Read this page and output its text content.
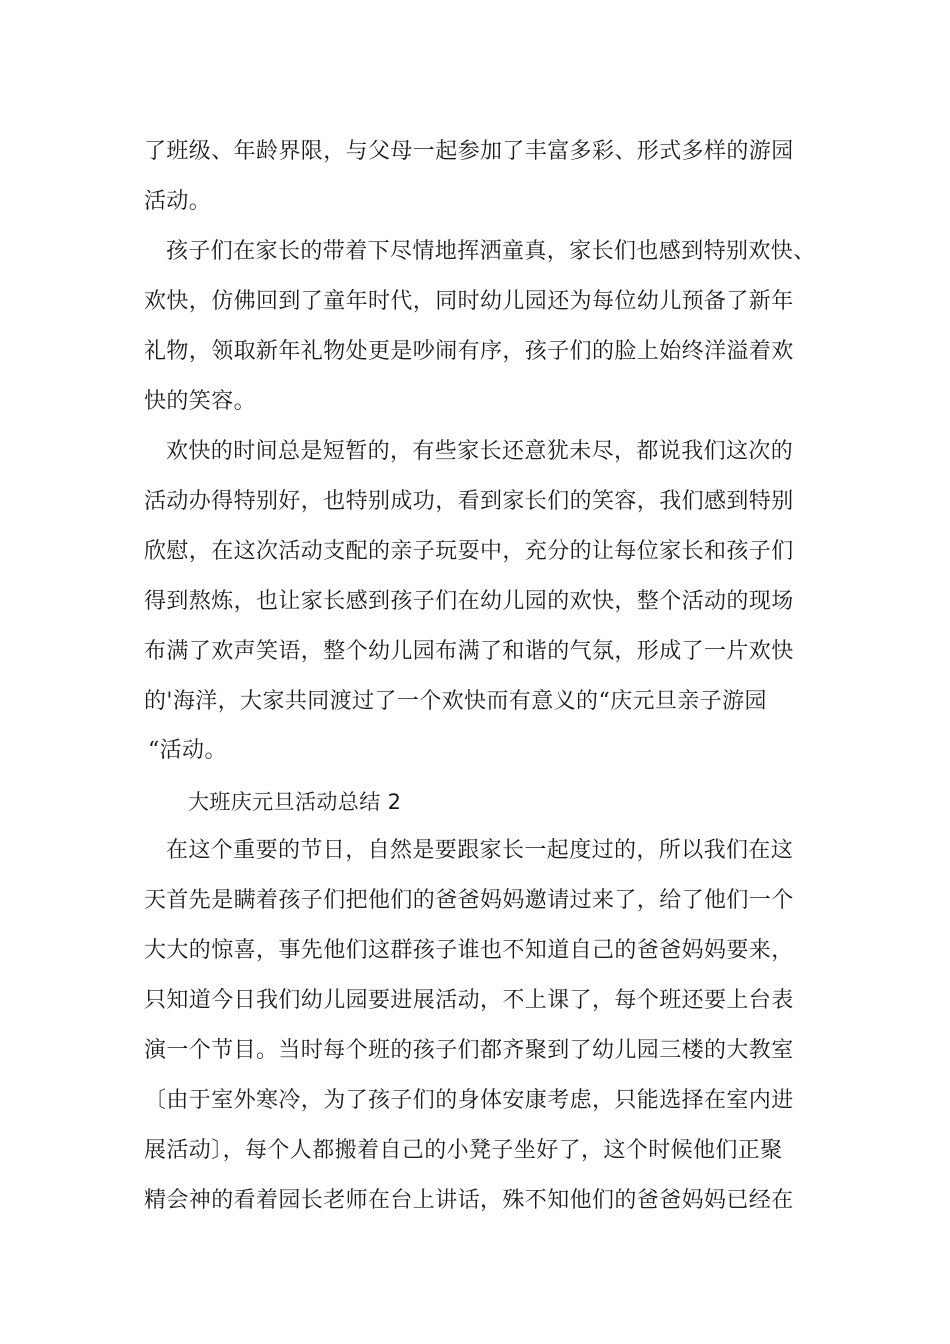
了班级、年龄界限，与父母一起参加了丰富多彩、形式多样的游园
活动。
孩子们在家长的带着下尽情地挥洒童真，家长们也感到特别欢快、
欢快，仿佛回到了童年时代，同时幼儿园还为每位幼儿预备了新年
礼物，领取新年礼物处更是吵闹有序，孩子们的脸上始终洋溢着欢
快的笑容。
欢快的时间总是短暂的，有些家长还意犹未尽，都说我们这次的
活动办得特别好，也特别成功，看到家长们的笑容，我们感到特别
欣慰，在这次活动支配的亲子玩耍中，充分的让每位家长和孩子们
得到熬炼，也让家长感到孩子们在幼儿园的欢快，整个活动的现场
布满了欢声笑语，整个幼儿园布满了和谐的气氛，形成了一片欢快
的'海洋，大家共同渡过了一个欢快而有意义的“庆元旦亲子游园
“活动。
大班庆元旦活动总结 2
在这个重要的节日，自然是要跟家长一起度过的，所以我们在这
天首先是瞒着孩子们把他们的爸爸妈妈邀请过来了，给了他们一个
大大的惊喜，事先他们这群孩子谁也不知道自己的爸爸妈妈要来，
只知道今日我们幼儿园要进展活动，不上课了，每个班还要上台表
演一个节目。当时每个班的孩子们都齐聚到了幼儿园三楼的大教室
〔由于室外寒冷，为了孩子们的身体安康考虑，只能选择在室内进
展活动〕，每个人都搬着自己的小凳子坐好了，这个时候他们正聚
精会神的看着园长老师在台上讲话，殊不知他们的爸爸妈妈已经在
